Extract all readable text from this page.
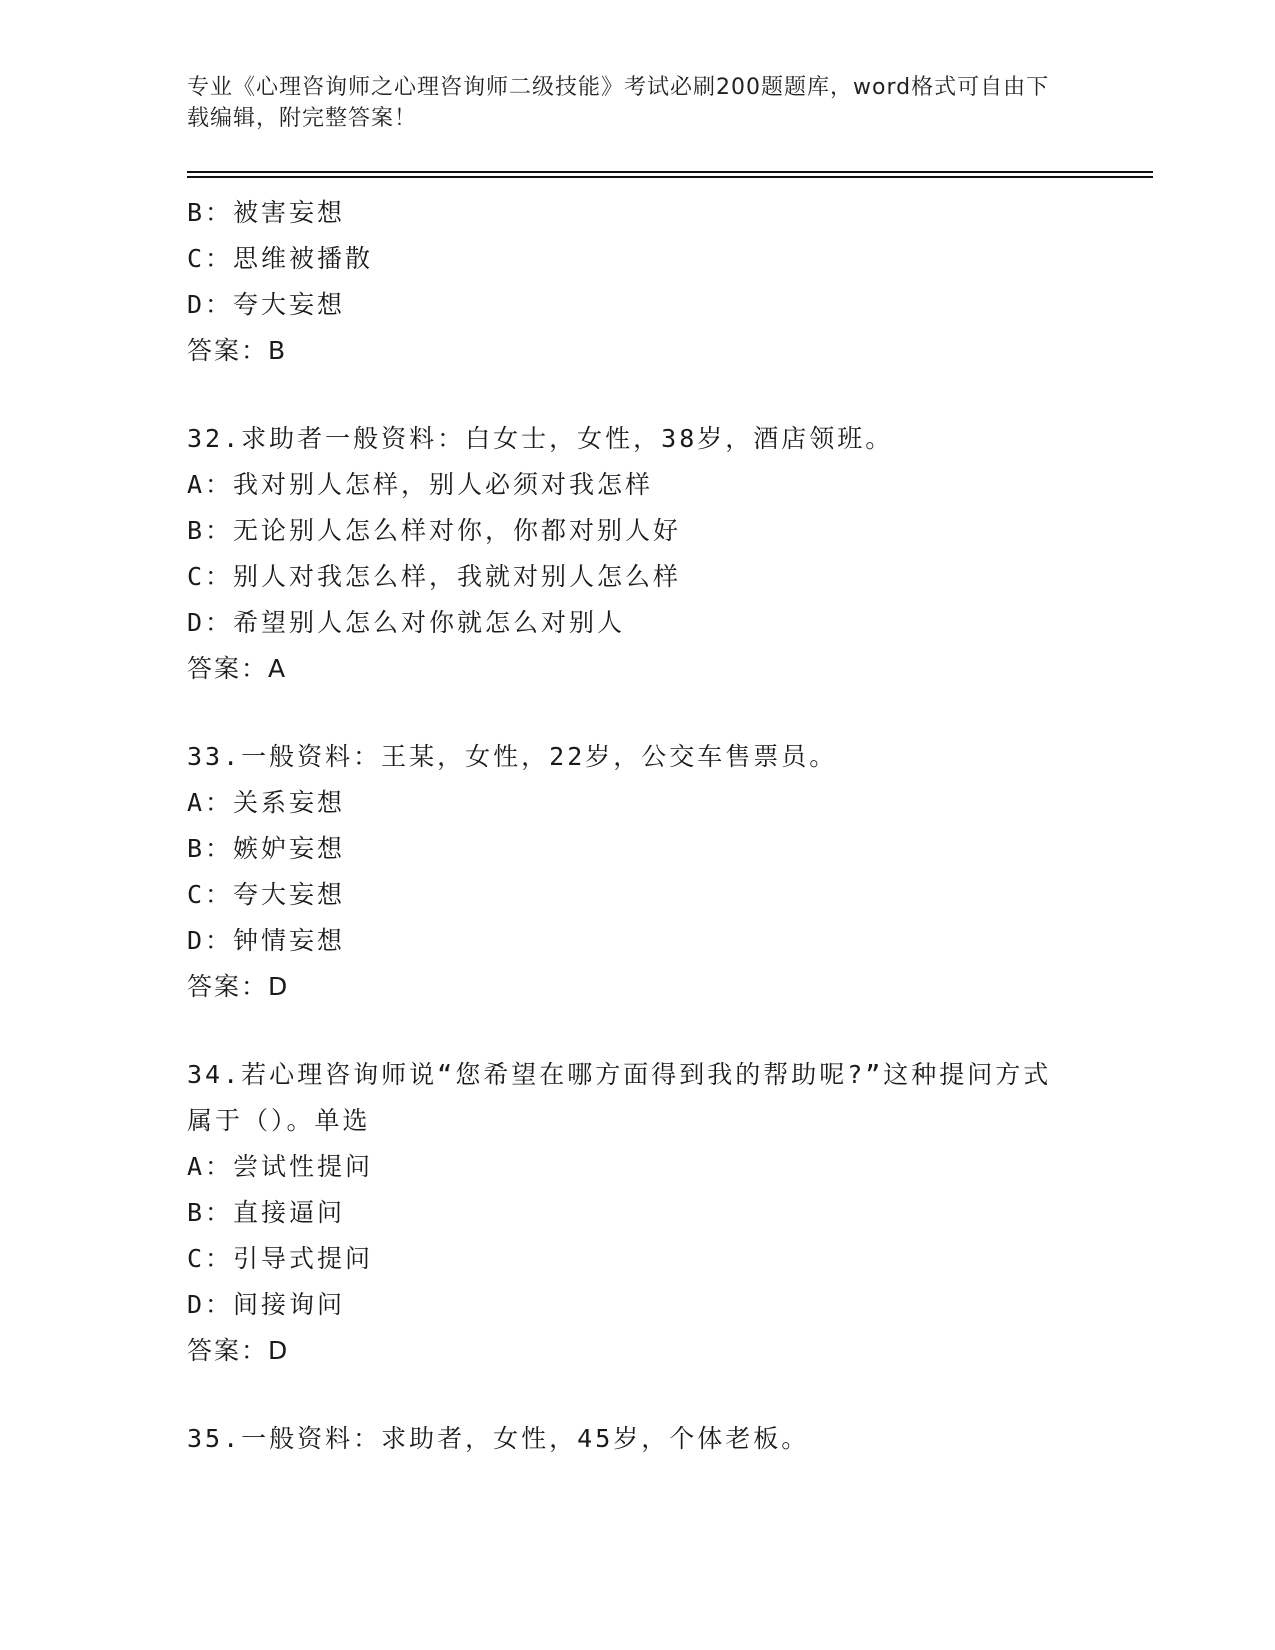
专业《心理咨询师之心理咨询师二级技能》考试必刷200题题库，word格式可自由下载编辑，附完整答案！
B：被害妄想
C：思维被播散
D：夸大妄想
答案：B
32.求助者一般资料：白女士，女性，38岁，酒店领班。
A：我对别人怎样，别人必须对我怎样
B：无论别人怎么样对你，你都对别人好
C：别人对我怎么样，我就对别人怎么样
D：希望别人怎么对你就怎么对别人
答案：A
33.一般资料：王某，女性，22岁，公交车售票员。
A：关系妄想
B：嫉妒妄想
C：夸大妄想
D：钟情妄想
答案：D
34.若心理咨询师说“您希望在哪方面得到我的帮助呢?”这种提问方式属于（）。单选
A：尝试性提问
B：直接逼问
C：引导式提问
D：间接询问
答案：D
35.一般资料：求助者，女性，45岁，个体老板。
